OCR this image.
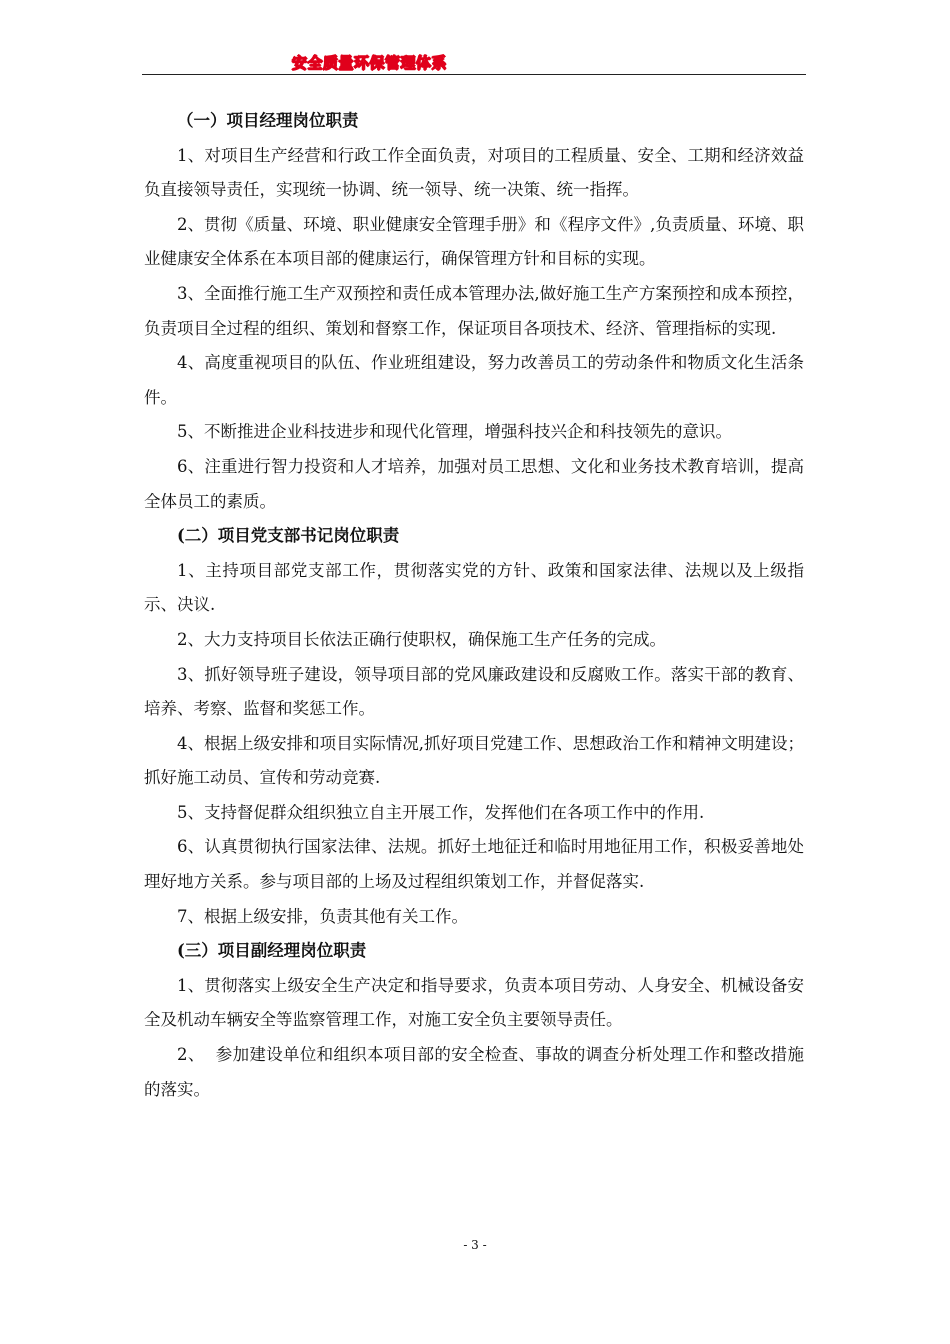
安全质量环保管理体系

（一）项目经理岗位职责

1、对项目生产经营和行政工作全面负责，对项目的工程质量、安全、工期和经济效益负直接领导责任，实现统一协调、统一领导、统一决策、统一指挥。

2、贯彻《质量、环境、职业健康安全管理手册》和《程序文件》,负责质量、环境、职业健康安全体系在本项目部的健康运行，确保管理方针和目标的实现。

3、全面推行施工生产双预控和责任成本管理办法,做好施工生产方案预控和成本预控，负责项目全过程的组织、策划和督察工作，保证项目各项技术、经济、管理指标的实现.

4、高度重视项目的队伍、作业班组建设，努力改善员工的劳动条件和物质文化生活条件。

5、不断推进企业科技进步和现代化管理，增强科技兴企和科技领先的意识。

6、注重进行智力投资和人才培养，加强对员工思想、文化和业务技术教育培训，提高全体员工的素质。

(二）项目党支部书记岗位职责

1、主持项目部党支部工作，贯彻落实党的方针、政策和国家法律、法规以及上级指示、决议.

2、大力支持项目长依法正确行使职权，确保施工生产任务的完成。

3、抓好领导班子建设，领导项目部的党风廉政建设和反腐败工作。落实干部的教育、培养、考察、监督和奖惩工作。

4、根据上级安排和项目实际情况,抓好项目党建工作、思想政治工作和精神文明建设；抓好施工动员、宣传和劳动竞赛.

5、支持督促群众组织独立自主开展工作，发挥他们在各项工作中的作用.

6、认真贯彻执行国家法律、法规。抓好土地征迁和临时用地征用工作，积极妥善地处理好地方关系。参与项目部的上场及过程组织策划工作，并督促落实.

7、根据上级安排，负责其他有关工作。

(三）项目副经理岗位职责

1、贯彻落实上级安全生产决定和指导要求，负责本项目劳动、人身安全、机械设备安全及机动车辆安全等监察管理工作，对施工安全负主要领导责任。

2、  参加建设单位和组织本项目部的安全检查、事故的调查分析处理工作和整改措施的落实。

- 3 -
